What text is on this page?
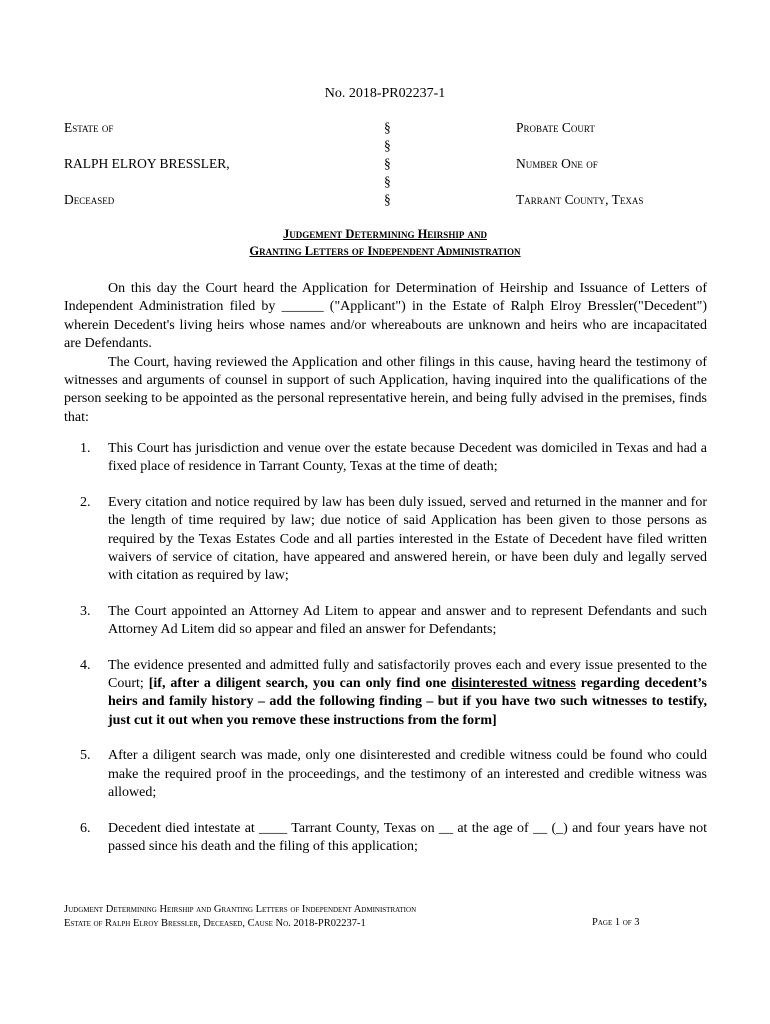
No. 2018-PR02237-1
Estate of
RALPH ELROY BRESSLER,
Deceased
§
§
§
§
§
Probate Court
Number One of
Tarrant County, Texas
Judgement Determining Heirship and
Granting Letters of Independent Administration

On this day the Court heard the Application for Determination of Heirship and Issuance of Letters of Independent Administration filed by ______ ("Applicant") in the Estate of Ralph Elroy Bressler("Decedent") wherein Decedent's living heirs whose names and/or whereabouts are unknown and heirs who are incapacitated are Defendants.

The Court, having reviewed the Application and other filings in this cause, having heard the testimony of witnesses and arguments of counsel in support of such Application, having inquired into the qualifications of the person seeking to be appointed as the personal representative herein, and being fully advised in the premises, finds that:

1. This Court has jurisdiction and venue over the estate because Decedent was domiciled in Texas and had a fixed place of residence in Tarrant County, Texas at the time of death;
2. Every citation and notice required by law has been duly issued, served and returned in the manner and for the length of time required by law; due notice of said Application has been given to those persons as required by the Texas Estates Code and all parties interested in the Estate of Decedent have filed written waivers of service of citation, have appeared and answered herein, or have been duly and legally served with citation as required by law;
3. The Court appointed an Attorney Ad Litem to appear and answer and to represent Defendants and such Attorney Ad Litem did so appear and filed an answer for Defendants;
4. The evidence presented and admitted fully and satisfactorily proves each and every issue presented to the Court; [if, after a diligent search, you can only find one disinterested witness regarding decedent’s heirs and family history – add the following finding – but if you have two such witnesses to testify, just cut it out when you remove these instructions from the form]
5. After a diligent search was made, only one disinterested and credible witness could be found who could make the required proof in the proceedings, and the testimony of an interested and credible witness was allowed;
6. Decedent died intestate at ____ Tarrant County, Texas on __ at the age of __ (_) and four years have not passed since his death and the filing of this application;
Judgment Determining Heirship and Granting Letters of Independent Administration
Estate of Ralph Elroy Bressler, Deceased, Cause No. 2018-PR02237-1	Page 1 of 3
